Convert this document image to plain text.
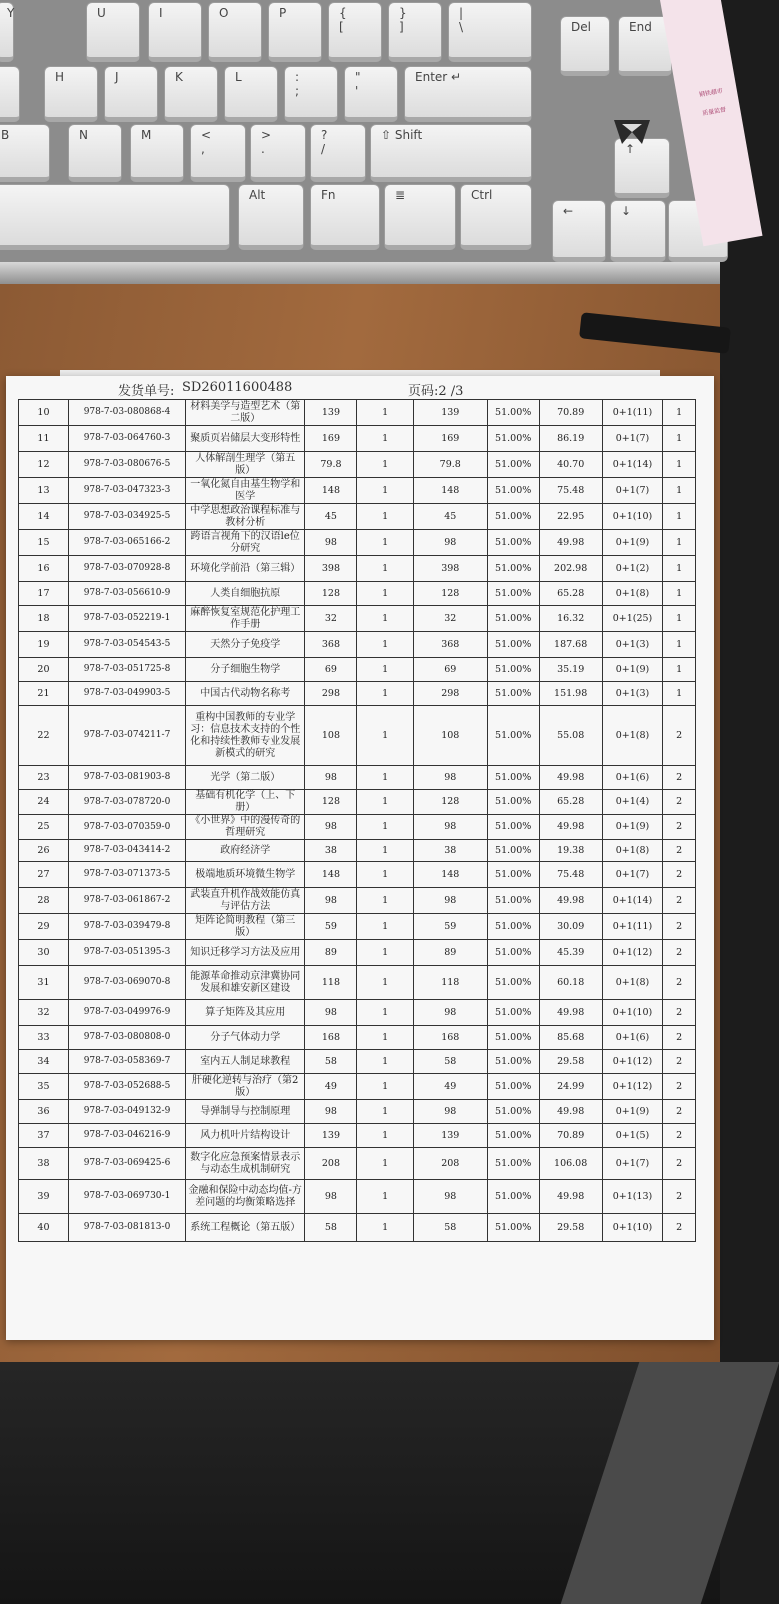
Y	U	I	O	P	{
[
}
]
|
\	Del	End
H	J	K	L	:
;
"
'
Enter ↵
B	N	M	<
,
>
.
?
/
⇧ Shift
↑
Alt	Fn	≣	Ctrl
←	↓
钢铁超市
质量监督
发货单号: SD26011600488	页码:2 /3
10	978-7-03-080868-4	材料美学与造型艺术（第二版）	139	1	139	51.00%	70.89	0+1(11)	1
11	978-7-03-064760-3	聚质页岩储层大变形特性	169	1	169	51.00%	86.19	0+1(7)	1
12	978-7-03-080676-5	人体解剖生理学（第五版）	79.8	1	79.8	51.00%	40.70	0+1(14)	1
13	978-7-03-047323-3	一氧化氮自由基生物学和医学	148	1	148	51.00%	75.48	0+1(7)	1
14	978-7-03-034925-5	中学思想政治课程标准与教材分析	45	1	45	51.00%	22.95	0+1(10)	1
15	978-7-03-065166-2	跨语言视角下的汉语le位分研究	98	1	98	51.00%	49.98	0+1(9)	1
16	978-7-03-070928-8	环境化学前沿（第三辑）	398	1	398	51.00%	202.98	0+1(2)	1
17	978-7-03-056610-9	人类自细胞抗原	128	1	128	51.00%	65.28	0+1(8)	1
18	978-7-03-052219-1	麻醉恢复室规范化护理工作手册	32	1	32	51.00%	16.32	0+1(25)	1
19	978-7-03-054543-5	天然分子免疫学	368	1	368	51.00%	187.68	0+1(3)	1
20	978-7-03-051725-8	分子细胞生物学	69	1	69	51.00%	35.19	0+1(9)	1
21	978-7-03-049903-5	中国古代动物名称考	298	1	298	51.00%	151.98	0+1(3)	1
22	978-7-03-074211-7	重构中国教师的专业学习：信息技术支持的个性化和持续性教师专业发展新模式的研究	108	1	108	51.00%	55.08	0+1(8)	2
23	978-7-03-081903-8	光学（第二版）	98	1	98	51.00%	49.98	0+1(6)	2
24	978-7-03-078720-0	基础有机化学（上、下册）	128	1	128	51.00%	65.28	0+1(4)	2
25	978-7-03-070359-0	《小世界》中的漫传奇的哲理研究	98	1	98	51.00%	49.98	0+1(9)	2
26	978-7-03-043414-2	政府经济学	38	1	38	51.00%	19.38	0+1(8)	2
27	978-7-03-071373-5	极端地质环境微生物学	148	1	148	51.00%	75.48	0+1(7)	2
28	978-7-03-061867-2	武装直升机作战效能仿真与评估方法	98	1	98	51.00%	49.98	0+1(14)	2
29	978-7-03-039479-8	矩阵论简明教程（第三版）	59	1	59	51.00%	30.09	0+1(11)	2
30	978-7-03-051395-3	知识迁移学习方法及应用	89	1	89	51.00%	45.39	0+1(12)	2
31	978-7-03-069070-8	能源革命推动京津冀协同发展和雄安新区建设	118	1	118	51.00%	60.18	0+1(8)	2
32	978-7-03-049976-9	算子矩阵及其应用	98	1	98	51.00%	49.98	0+1(10)	2
33	978-7-03-080808-0	分子气体动力学	168	1	168	51.00%	85.68	0+1(6)	2
34	978-7-03-058369-7	室内五人制足球教程	58	1	58	51.00%	29.58	0+1(12)	2
35	978-7-03-052688-5	肝硬化逆转与治疗（第2版）	49	1	49	51.00%	24.99	0+1(12)	2
36	978-7-03-049132-9	导弹制导与控制原理	98	1	98	51.00%	49.98	0+1(9)	2
37	978-7-03-046216-9	风力机叶片结构设计	139	1	139	51.00%	70.89	0+1(5)	2
38	978-7-03-069425-6	数字化应急预案情景表示与动态生成机制研究	208	1	208	51.00%	106.08	0+1(7)	2
39	978-7-03-069730-1	金融和保险中动态均值-方差问题的均衡策略选择	98	1	98	51.00%	49.98	0+1(13)	2
40	978-7-03-081813-0	系统工程概论（第五版）	58	1	58	51.00%	29.58	0+1(10)	2
